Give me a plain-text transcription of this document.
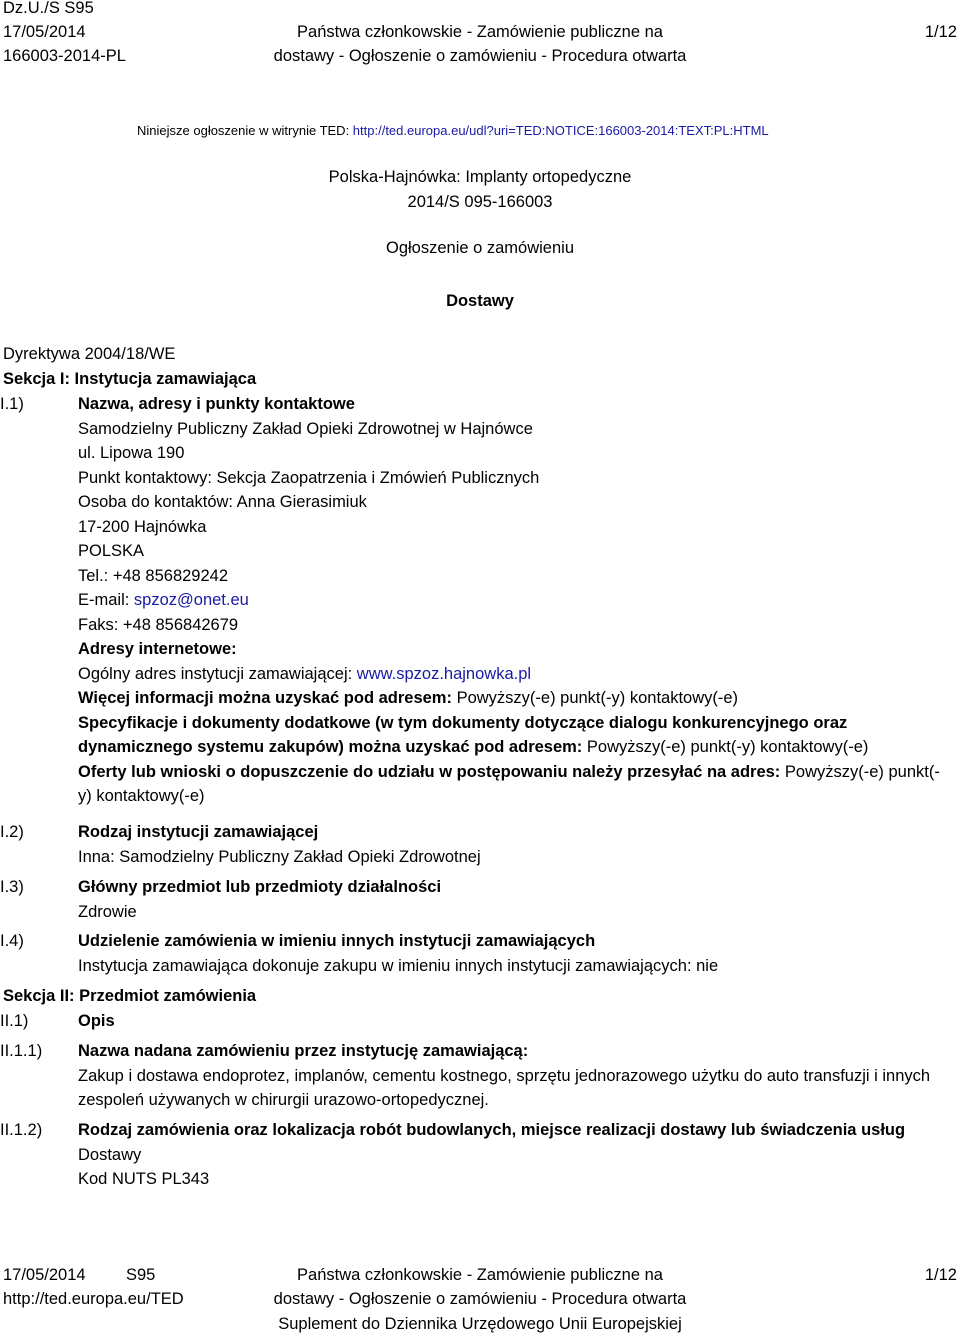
Dz.U./S S95
17/05/2014
166003-2014-PL
Państwa członkowskie - Zamówienie publiczne na
dostawy - Ogłoszenie o zamówieniu - Procedura otwarta
1/12
Niniejsze ogłoszenie w witrynie TED: http://ted.europa.eu/udl?uri=TED:NOTICE:166003-2014:TEXT:PL:HTML
Polska-Hajnówka: Implanty ortopedyczne
2014/S 095-166003
Ogłoszenie o zamówieniu
Dostawy
Dyrektywa 2004/18/WE
Sekcja I: Instytucja zamawiająca
I.1)	Nazwa, adresy i punkty kontaktowe
Samodzielny Publiczny Zakład Opieki Zdrowotnej w Hajnówce
ul. Lipowa 190
Punkt kontaktowy: Sekcja Zaopatrzenia i Zmówień Publicznych
Osoba do kontaktów: Anna Gierasimiuk
17-200 Hajnówka
POLSKA
Tel.: +48 856829242
E-mail: spzoz@onet.eu
Faks: +48 856842679
Adresy internetowe:
Ogólny adres instytucji zamawiającej: www.spzoz.hajnowka.pl
Więcej informacji można uzyskać pod adresem: Powyższy(-e) punkt(-y) kontaktowy(-e)
Specyfikacje i dokumenty dodatkowe (w tym dokumenty dotyczące dialogu konkurencyjnego oraz dynamicznego systemu zakupów) można uzyskać pod adresem: Powyższy(-e) punkt(-y) kontaktowy(-e)
Oferty lub wnioski o dopuszczenie do udziału w postępowaniu należy przesyłać na adres: Powyższy(-e) punkt(-y) kontaktowy(-e)
I.2)	Rodzaj instytucji zamawiającej
Inna: Samodzielny Publiczny Zakład Opieki Zdrowotnej
I.3)	Główny przedmiot lub przedmioty działalności
Zdrowie
I.4)	Udzielenie zamówienia w imieniu innych instytucji zamawiających
Instytucja zamawiająca dokonuje zakupu w imieniu innych instytucji zamawiających: nie
Sekcja II: Przedmiot zamówienia
II.1)	Opis
II.1.1) Nazwa nadana zamówieniu przez instytucję zamawiającą:
Zakup i dostawa endoprotez, implanów, cementu kostnego, sprzętu jednorazowego użytku do auto transfuzji i innych zespoleń używanych w chirurgii urazowo-ortopedycznej.
II.1.2) Rodzaj zamówienia oraz lokalizacja robót budowlanych, miejsce realizacji dostawy lub świadczenia usług
Dostawy
Kod NUTS PL343
17/05/2014 S95
http://ted.europa.eu/TED
Państwa członkowskie - Zamówienie publiczne na
dostawy - Ogłoszenie o zamówieniu - Procedura otwarta
Suplement do Dziennika Urzędowego Unii Europejskiej
1/12
